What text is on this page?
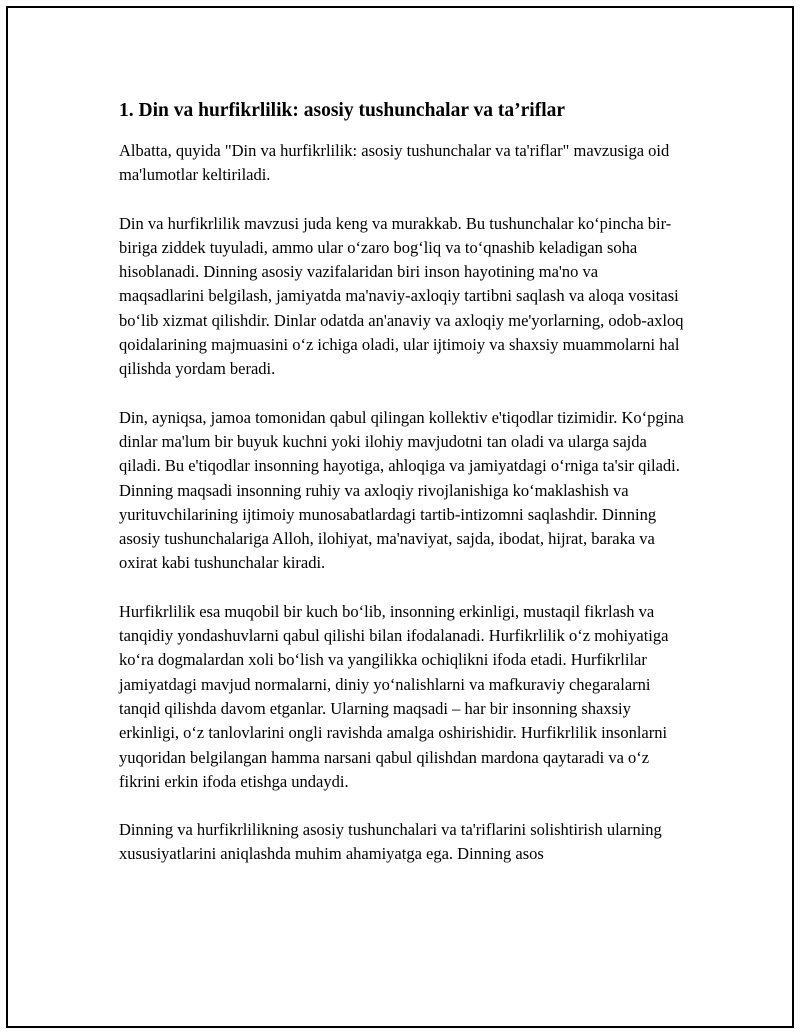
1. Din va hurfikrlilik: asosiy tushunchalar va ta’riflar

Albatta, quyida "Din va hurfikrlilik: asosiy tushunchalar va ta'riflar" mavzusiga oid ma'lumotlar keltiriladi.

Din va hurfikrlilik mavzusi juda keng va murakkab. Bu tushunchalar ko‘pincha bir-biriga ziddek tuyuladi, ammo ular o‘zaro bog‘liq va to‘qnashib keladigan soha hisoblanadi. Dinning asosiy vazifalaridan biri inson hayotining ma'no va maqsadlarini belgilash, jamiyatda ma'naviy-axloqiy tartibni saqlash va aloqa vositasi bo‘lib xizmat qilishdir. Dinlar odatda an'anaviy va axloqiy me'yorlarning, odob-axloq qoidalarining majmuasini o‘z ichiga oladi, ular ijtimoiy va shaxsiy muammolarni hal qilishda yordam beradi.

Din, ayniqsa, jamoa tomonidan qabul qilingan kollektiv e'tiqodlar tizimidir. Ko‘pgina dinlar ma'lum bir buyuk kuchni yoki ilohiy mavjudotni tan oladi va ularga sajda qiladi. Bu e'tiqodlar insonning hayotiga, ahloqiga va jamiyatdagi o‘rniga ta'sir qiladi. Dinning maqsadi insonning ruhiy va axloqiy rivojlanishiga ko‘maklashish va yurituvchilarining ijtimoiy munosabatlardagi tartib-intizomni saqlashdir. Dinning asosiy tushunchalariga Alloh, ilohiyat, ma'naviyat, sajda, ibodat, hijrat, baraka va oxirat kabi tushunchalar kiradi.

Hurfikrlilik esa muqobil bir kuch bo‘lib, insonning erkinligi, mustaqil fikrlash va tanqidiy yondashuvlarni qabul qilishi bilan ifodalanadi. Hurfikrlilik o‘z mohiyatiga ko‘ra dogmalardan xoli bo‘lish va yangilikka ochiqlikni ifoda etadi. Hurfikrlilar jamiyatdagi mavjud normalarni, diniy yo‘nalishlarni va mafkuraviy chegaralarni tanqid qilishda davom etganlar. Ularning maqsadi – har bir insonning shaxsiy erkinligi, o‘z tanlovlarini ongli ravishda amalga oshirishidir. Hurfikrlilik insonlarni yuqoridan belgilangan hamma narsani qabul qilishdan mardona qaytaradi va o‘z fikrini erkin ifoda etishga undaydi.

Dinning va hurfikrlilikning asosiy tushunchalari va ta'riflarini solishtirish ularning xususiyatlarini aniqlashda muhim ahamiyatga ega. Dinning asos
